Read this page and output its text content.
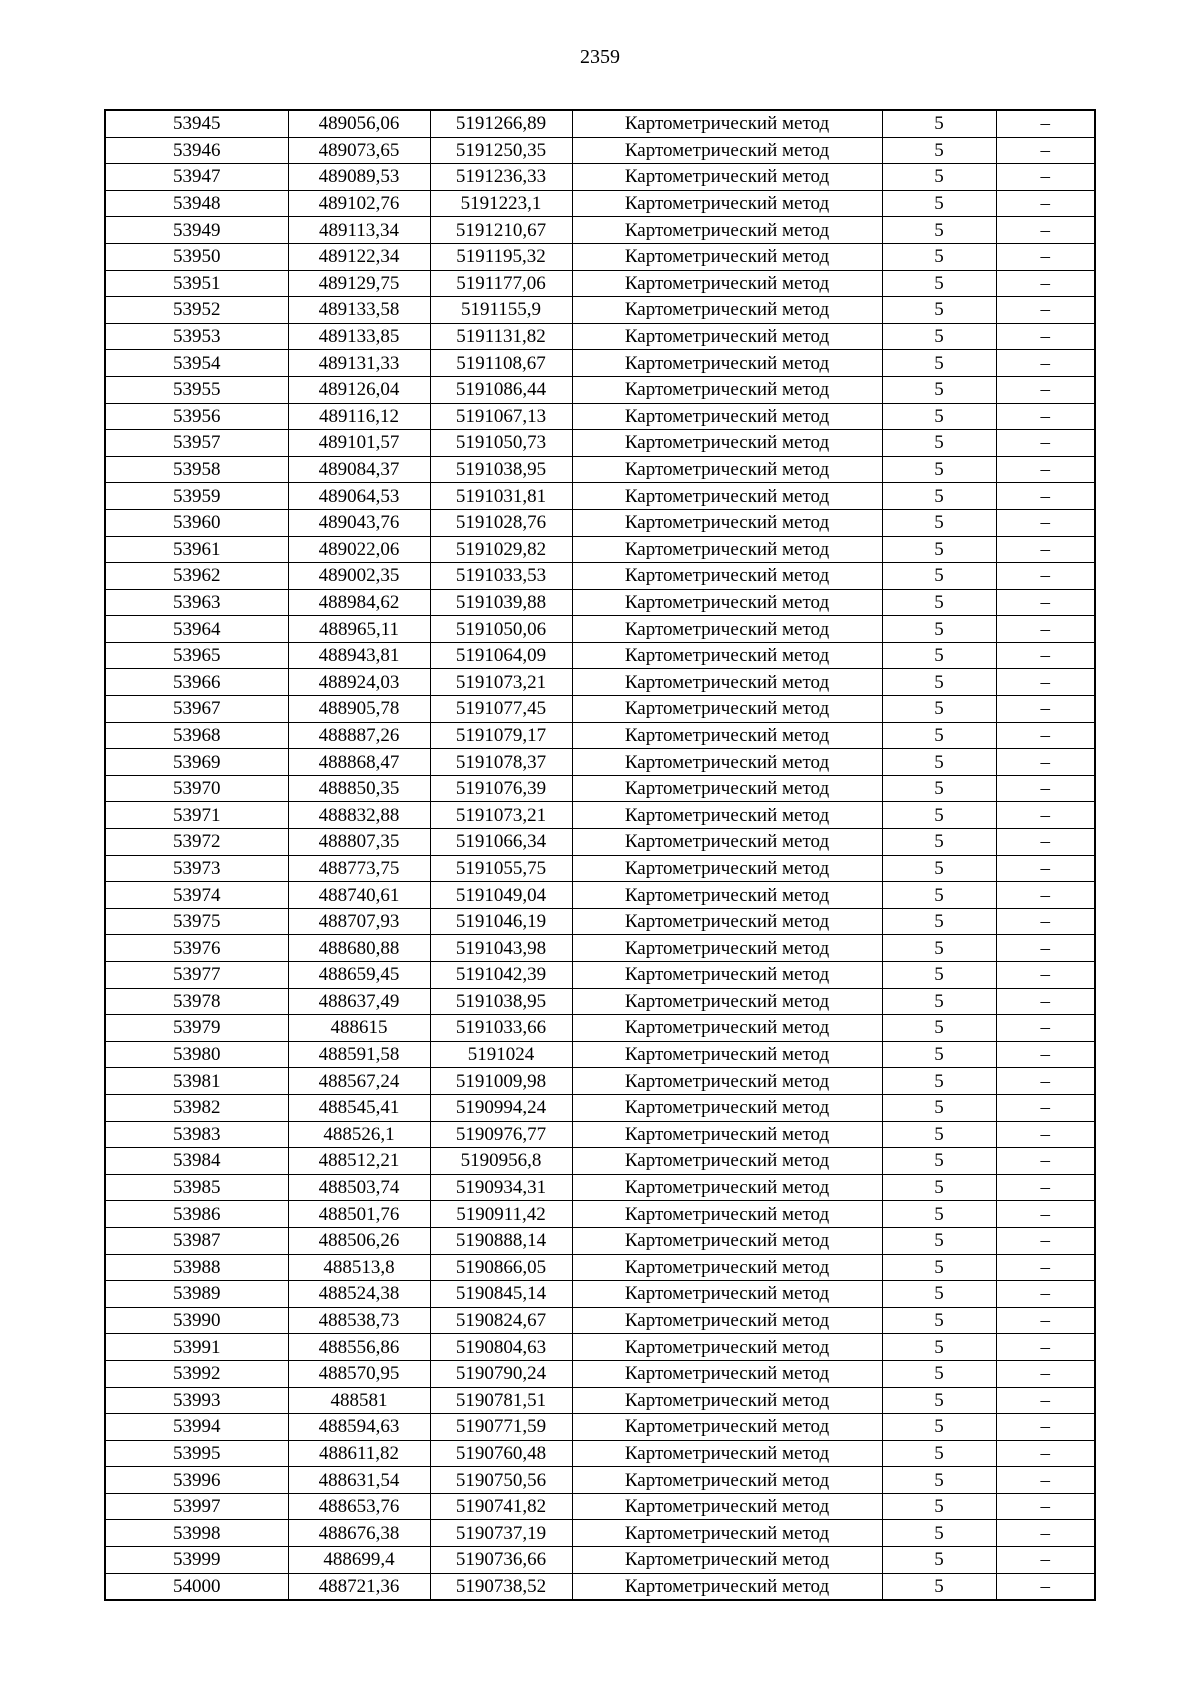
2359
53945	489056,06	5191266,89	Картометрический метод	5	–
53946	489073,65	5191250,35	Картометрический метод	5	–
53947	489089,53	5191236,33	Картометрический метод	5	–
53948	489102,76	5191223,1	Картометрический метод	5	–
53949	489113,34	5191210,67	Картометрический метод	5	–
53950	489122,34	5191195,32	Картометрический метод	5	–
53951	489129,75	5191177,06	Картометрический метод	5	–
53952	489133,58	5191155,9	Картометрический метод	5	–
53953	489133,85	5191131,82	Картометрический метод	5	–
53954	489131,33	5191108,67	Картометрический метод	5	–
53955	489126,04	5191086,44	Картометрический метод	5	–
53956	489116,12	5191067,13	Картометрический метод	5	–
53957	489101,57	5191050,73	Картометрический метод	5	–
53958	489084,37	5191038,95	Картометрический метод	5	–
53959	489064,53	5191031,81	Картометрический метод	5	–
53960	489043,76	5191028,76	Картометрический метод	5	–
53961	489022,06	5191029,82	Картометрический метод	5	–
53962	489002,35	5191033,53	Картометрический метод	5	–
53963	488984,62	5191039,88	Картометрический метод	5	–
53964	488965,11	5191050,06	Картометрический метод	5	–
53965	488943,81	5191064,09	Картометрический метод	5	–
53966	488924,03	5191073,21	Картометрический метод	5	–
53967	488905,78	5191077,45	Картометрический метод	5	–
53968	488887,26	5191079,17	Картометрический метод	5	–
53969	488868,47	5191078,37	Картометрический метод	5	–
53970	488850,35	5191076,39	Картометрический метод	5	–
53971	488832,88	5191073,21	Картометрический метод	5	–
53972	488807,35	5191066,34	Картометрический метод	5	–
53973	488773,75	5191055,75	Картометрический метод	5	–
53974	488740,61	5191049,04	Картометрический метод	5	–
53975	488707,93	5191046,19	Картометрический метод	5	–
53976	488680,88	5191043,98	Картометрический метод	5	–
53977	488659,45	5191042,39	Картометрический метод	5	–
53978	488637,49	5191038,95	Картометрический метод	5	–
53979	488615	5191033,66	Картометрический метод	5	–
53980	488591,58	5191024	Картометрический метод	5	–
53981	488567,24	5191009,98	Картометрический метод	5	–
53982	488545,41	5190994,24	Картометрический метод	5	–
53983	488526,1	5190976,77	Картометрический метод	5	–
53984	488512,21	5190956,8	Картометрический метод	5	–
53985	488503,74	5190934,31	Картометрический метод	5	–
53986	488501,76	5190911,42	Картометрический метод	5	–
53987	488506,26	5190888,14	Картометрический метод	5	–
53988	488513,8	5190866,05	Картометрический метод	5	–
53989	488524,38	5190845,14	Картометрический метод	5	–
53990	488538,73	5190824,67	Картометрический метод	5	–
53991	488556,86	5190804,63	Картометрический метод	5	–
53992	488570,95	5190790,24	Картометрический метод	5	–
53993	488581	5190781,51	Картометрический метод	5	–
53994	488594,63	5190771,59	Картометрический метод	5	–
53995	488611,82	5190760,48	Картометрический метод	5	–
53996	488631,54	5190750,56	Картометрический метод	5	–
53997	488653,76	5190741,82	Картометрический метод	5	–
53998	488676,38	5190737,19	Картометрический метод	5	–
53999	488699,4	5190736,66	Картометрический метод	5	–
54000	488721,36	5190738,52	Картометрический метод	5	–
